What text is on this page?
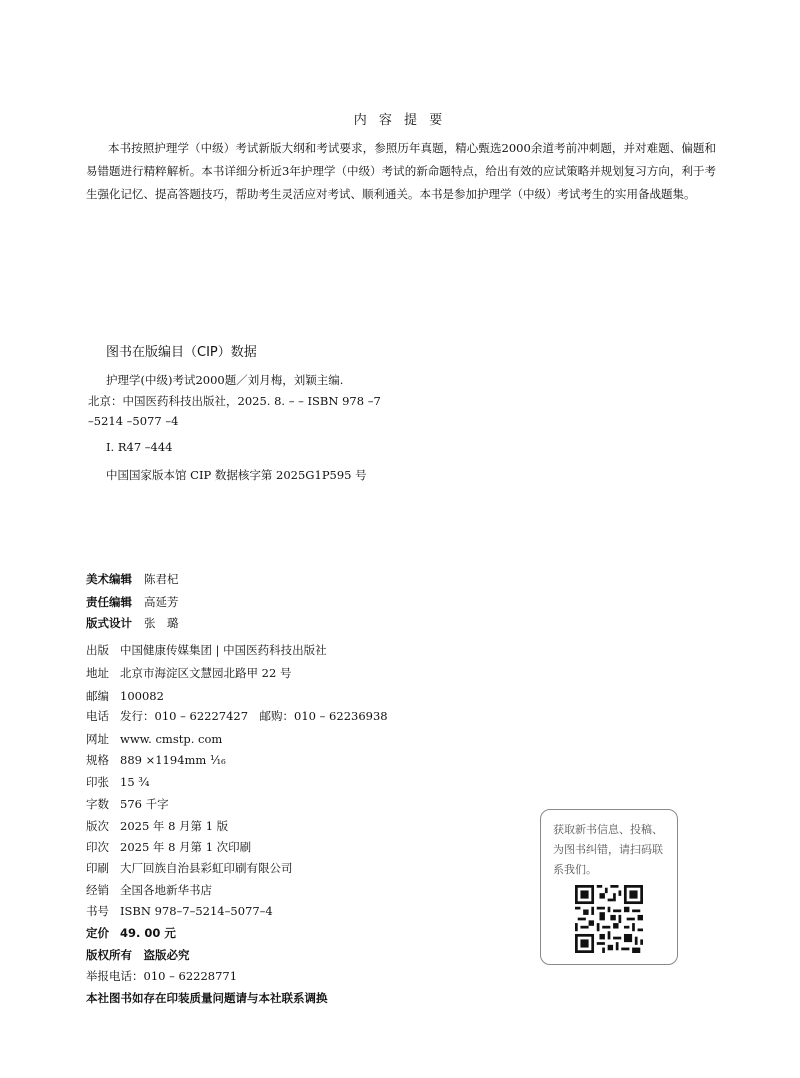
内 容 提 要
本书按照护理学（中级）考试新版大纲和考试要求，参照历年真题，精心甄选2000余道考前冲刺题，并对难题、偏题和易错题进行精粹解析。本书详细分析近3年护理学（中级）考试的新命题特点，给出有效的应试策略并规划复习方向，利于考生强化记忆、提高答题技巧，帮助考生灵活应对考试、顺利通关。本书是参加护理学（中级）考试考生的实用备战题集。
图书在版编目（CIP）数据
护理学(中级)考试2000题／刘月梅，刘颖主编.
北京：中国医药科技出版社，2025. 8. – – ISBN 978 –7
–5214 –5077 –4
Ⅰ. R47 –444
中国国家版本馆 CIP 数据核字第 2025G1P595 号
美术编辑 陈君杞
责任编辑 高延芳
版式设计 张　璐
出版 中国健康传媒集团 | 中国医药科技出版社
地址 北京市海淀区文慧园北路甲 22 号
邮编 100082
电话 发行：010 – 62227427　邮购：010 – 62236938
网址 www. cmstp. com
规格 889 ×1194mm ¹⁄₁₆
印张 15 ³⁄₄
字数 576 千字
版次 2025 年 8 月第 1 版
印次 2025 年 8 月第 1 次印刷
印刷 大厂回族自治县彩虹印刷有限公司
经销 全国各地新华书店
书号 ISBN 978–7–5214–5077–4
定价 49. 00 元
版权所有　盗版必究
举报电话：010 – 62228771
本社图书如存在印装质量问题请与本社联系调换
获取新书信息、投稿、为图书纠错，请扫码联系我们。
